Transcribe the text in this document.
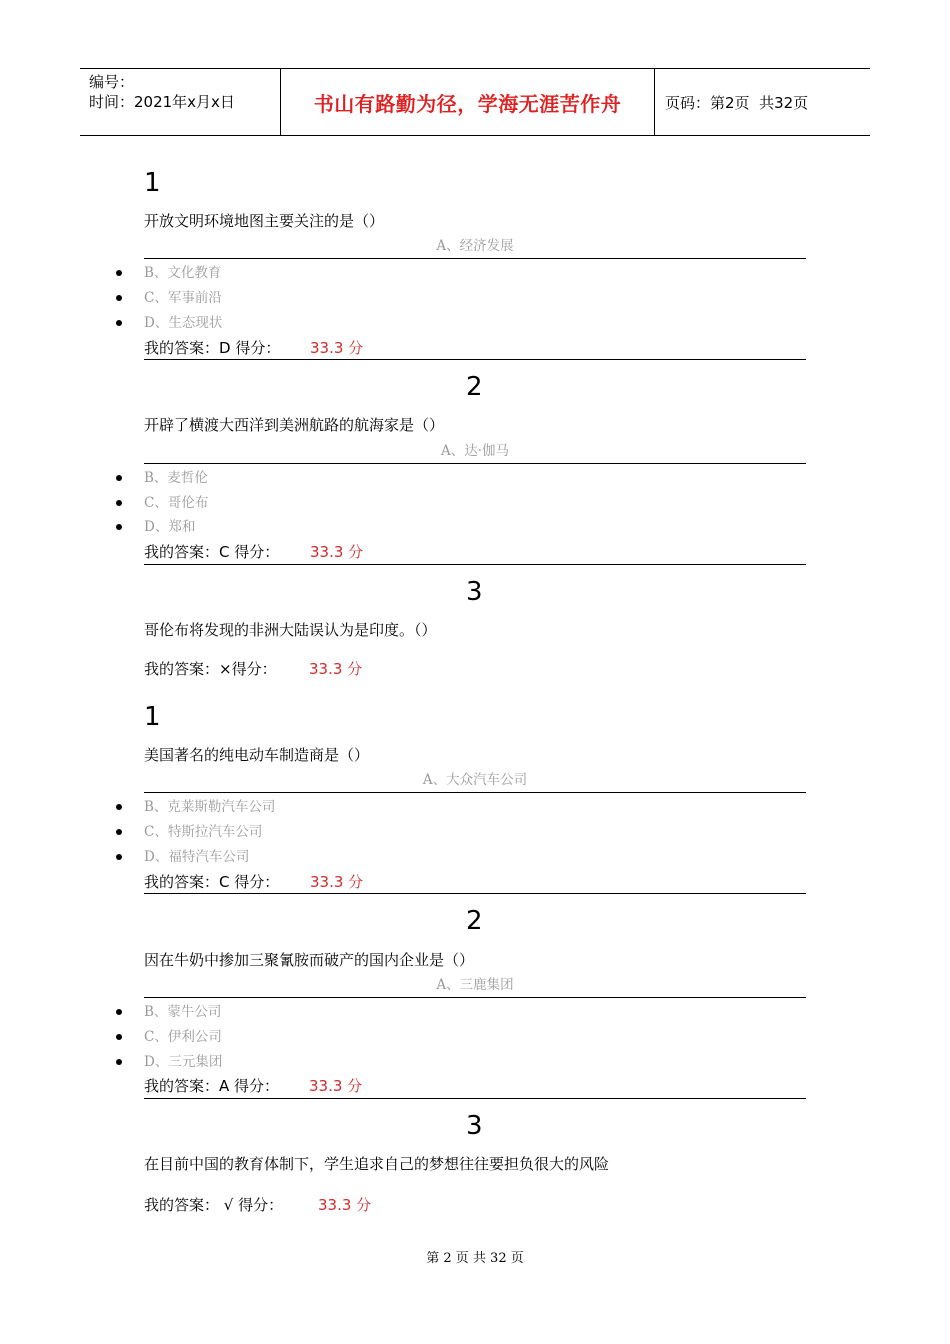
编号：
时间：2021年x月x日	书山有路勤为径，学海无涯苦作舟	页码：第2页  共32页
1
开放文明环境地图主要关注的是（）
A、经济发展
B、文化教育
C、军事前沿
D、生态现状
我的答案：D 得分： 33.3 分
2
开辟了横渡大西洋到美洲航路的航海家是（）
A、达·伽马
B、麦哲伦
C、哥伦布
D、郑和
我的答案：C 得分： 33.3 分
3
哥伦布将发现的非洲大陆误认为是印度。（）
我的答案：×得分： 33.3 分
1
美国著名的纯电动车制造商是（）
A、大众汽车公司
B、克莱斯勒汽车公司
C、特斯拉汽车公司
D、福特汽车公司
我的答案：C 得分： 33.3 分
2
因在牛奶中掺加三聚氰胺而破产的国内企业是（）
A、三鹿集团
B、蒙牛公司
C、伊利公司
D、三元集团
我的答案：A 得分： 33.3 分
3
在目前中国的教育体制下，学生追求自己的梦想往往要担负很大的风险
我的答案： √ 得分： 33.3 分
第 2 页 共 32 页
